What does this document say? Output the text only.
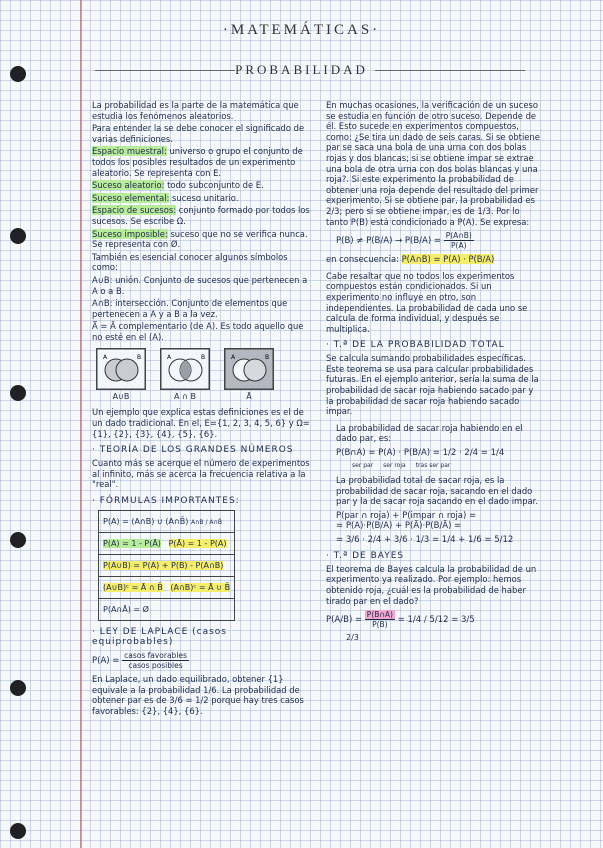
·MATEMÁTICAS·
PROBABILIDAD

La probabilidad es la parte de la matemática que estudia los fenómenos aleatorios.

Para entender la se debe conocer el significado de varias definiciones.

Espacio muestral: universo o grupo el conjunto de todos los posibles resultados de un experimento aleatorio. Se representa con E.

Suceso aleatorio: todo subconjunto de E.

Suceso elemental: suceso unitario.

Espacio de sucesos: conjunto formado por todos los sucesos. Se escribe Ω.

Suceso imposible: suceso que no se verifica nunca. Se representa con Ø.

También es esencial conocer algunos símbolos como:

A∪B: unión. Conjunto de sucesos que pertenecen a A o a B.

A∩B: intersección. Conjunto de elementos que pertenecen a A y a B a la vez.

A̅ = Ā complementario (de A). Es todo aquello que no esté en el (A).

A	B	A	B	A	B
A∪B	A ∩ B	Ā

Un ejemplo que explica estas definiciones es el de un dado tradicional. En el, E={1, 2, 3, 4, 5, 6} y Ω={1}, {2}, {3}, {4}, {5}, {6}.

· TEORÍA DE LOS GRANDES NÚMEROS

Cuanto más se acerque el número de experimentos al infinito, más se acerca la frecuencia relativa a la "real".

· FÓRMULAS IMPORTANTES:
P(A) = (A∩B) ∪ (A∩B̄) A∩B / A∩B̄
P(A) = 1 - P(Ā) P(Ā) = 1 - P(A)
P(A∪B) = P(A) + P(B) - P(A∩B)
(A∪B)ᶜ = Ā ∩ B̄ (A∩B)ᶜ = Ā ∪ B̄
P(A∩Ā) = Ø
· LEY DE LAPLACE (casos equiprobables)
$P(A) = \frac{\text{casos favorables}}{\text{casos posibles}}$

En Laplace, un dado equilibrado, obtener {1} equivale a la probabilidad 1/6. La probabilidad de obtener par es de 3/6 = 1/2 porque hay tres casos favorables: {2}, {4}, {6}.

En muchas ocasiones, la verificación de un suceso se estudia en función de otro suceso. Depende de él. Esto sucede en experimentos compuestos, como: ¿Se tira un dado de seis caras. Si se obtiene par se saca una bola de una urna con dos bolas rojas y dos blancas; si se obtiene impar se extrae una bola de otra urna con dos bolas blancas y una roja?. Si este experimento la probabilidad de obtener una roja depende del resultado del primer experimento. Si se obtiene par, la probabilidad es 2/3; pero si se obtiene impar, es de 1/3. Por lo tanto P(B) está condicionado a P(A). Se expresa:

$P(B) \ne P(B/A) \to P(B/A) = \frac{P(A\cap B)}{P(A)}$

en consecuencia: P(A∩B) = P(A) · P(B/A)

Cabe resaltar que no todos los experimentos compuestos están condicionados. Si un experimento no influye en otro, son independientes. La probabilidad de cada uno se calcula de forma individual, y después se multiplica.

· T.ª DE LA PROBABILIDAD TOTAL

Se calcula sumando probabilidades específicas. Este teorema se usa para calcular probabilidades futuras. En el ejemplo anterior, sería la suma de la probabilidad de sacar roja habiendo sacado par y la probabilidad de sacar roja habiendo sacado impar.

La probabilidad de sacar roja habiendo en el dado par, es:

P(B∩A) = P(A) · P(B/A) = 1/2 · 2/4 = 1/4
ser par ser roja tras ser par

La probabilidad total de sacar roja, es la probabilidad de sacar roja, sacando en el dado par y la de sacar roja sacando en el dado impar.

P(par ∩ roja) + P(impar ∩ roja) =
= P(A)·P(B/A) + P(Ā)·P(B/Ā) =
= 3/6 · 2/4 + 3/6 · 1/3 = 1/4 + 1/6 = 5/12
· T.ª DE BAYES

El teorema de Bayes calcula la probabilidad de un experimento ya realizado. Por ejemplo: hemos obtenido roja, ¿cuál es la probabilidad de haber tirado par en el dado?

$P(A/B) = \frac{P(B\cap A)}{P(B)} = 1/4 / 5/12 = 3/5$
2/3
